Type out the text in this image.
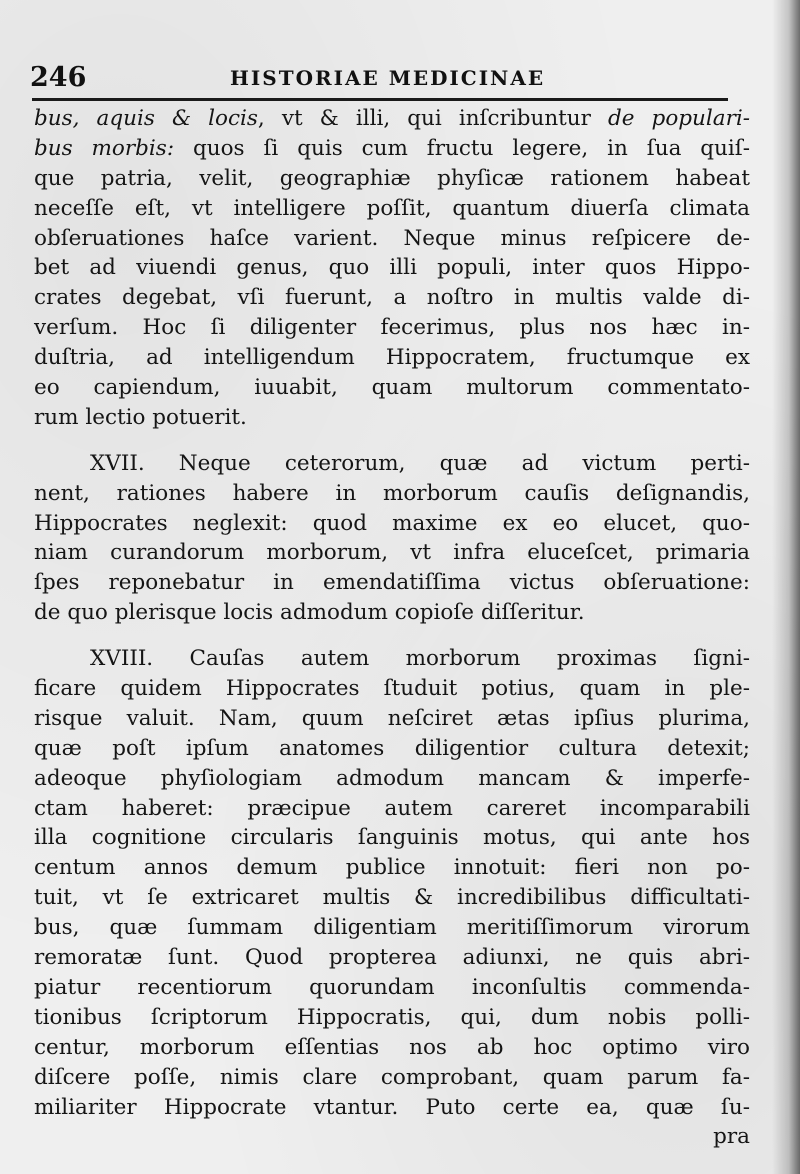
246	HISTORIAE MEDICINAE
bus, aquis & locis, vt & illi, qui inſcribuntur de populari-
bus morbis: quos ſi quis cum fructu legere, in ſua quiſ-
que patria, velit, geographiæ phyſicæ rationem habeat
neceſſe eſt, vt intelligere poſſit, quantum diuerſa climata
obſeruationes haſce varient. Neque minus reſpicere de-
bet ad viuendi genus, quo illi populi, inter quos Hippo-
crates degebat, vſi fuerunt, a noſtro in multis valde di-
verſum. Hoc ſi diligenter fecerimus, plus nos hæc in-
duſtria, ad intelligendum Hippocratem, fructumque ex
eo capiendum, iuuabit, quam multorum commentato-
rum lectio potuerit.
XVII. Neque ceterorum, quæ ad victum perti-
nent, rationes habere in morborum cauſis deſignandis,
Hippocrates neglexit: quod maxime ex eo elucet, quo-
niam curandorum morborum, vt infra eluceſcet, primaria
ſpes reponebatur in emendatiſſima victus obſeruatione:
de quo plerisque locis admodum copioſe diſſeritur.
XVIII. Cauſas autem morborum proximas ſigni-
ficare quidem Hippocrates ſtuduit potius, quam in ple-
risque valuit. Nam, quum neſciret ætas ipſius plurima,
quæ poſt ipſum anatomes diligentior cultura detexit;
adeoque phyſiologiam admodum mancam & imperfe-
ctam haberet: præcipue autem careret incomparabili
illa cognitione circularis ſanguinis motus, qui ante hos
centum annos demum publice innotuit: fieri non po-
tuit, vt ſe extricaret multis & incredibilibus difficultati-
bus, quæ ſummam diligentiam meritiſſimorum virorum
remoratæ ſunt. Quod propterea adiunxi, ne quis abri-
piatur recentiorum quorundam inconſultis commenda-
tionibus ſcriptorum Hippocratis, qui, dum nobis polli-
centur, morborum eſſentias nos ab hoc optimo viro
diſcere poſſe, nimis clare comprobant, quam parum fa-
miliariter Hippocrate vtantur. Puto certe ea, quæ ſu-
pra
